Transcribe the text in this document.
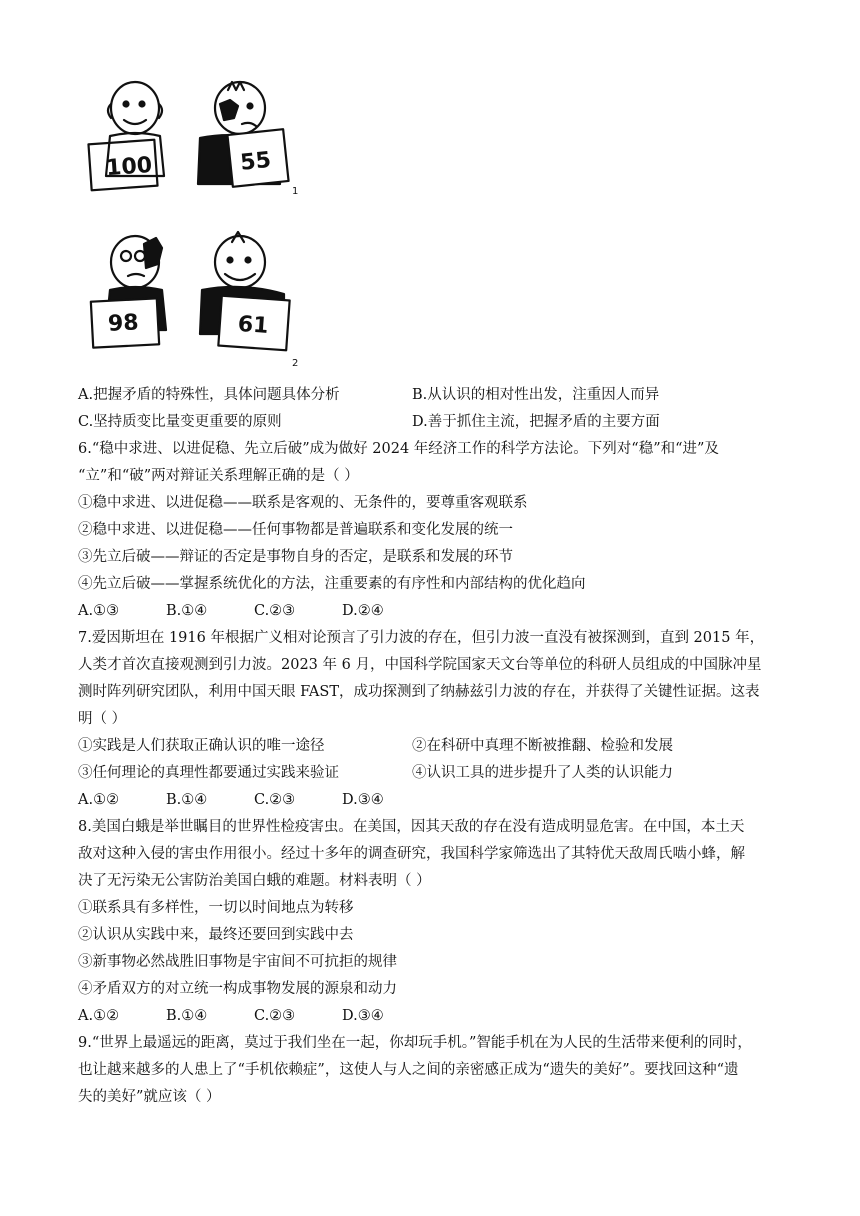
100	55
98	61
1
2
A.把握矛盾的特殊性，具体问题具体分析	B.从认识的相对性出发，注重因人而异
C.坚持质变比量变更重要的原则	D.善于抓住主流，把握矛盾的主要方面
6.“稳中求进、以进促稳、先立后破”成为做好 2024 年经济工作的科学方法论。下列对“稳”和“进”及
“立”和“破”两对辩证关系理解正确的是（ ）
①稳中求进、以进促稳——联系是客观的、无条件的，要尊重客观联系
②稳中求进、以进促稳——任何事物都是普遍联系和变化发展的统一
③先立后破——辩证的否定是事物自身的否定，是联系和发展的环节
④先立后破——掌握系统优化的方法，注重要素的有序性和内部结构的优化趋向
A.①③	B.①④	C.②③	D.②④
7.爱因斯坦在 1916 年根据广义相对论预言了引力波的存在，但引力波一直没有被探测到，直到 2015 年，
人类才首次直接观测到引力波。2023 年 6 月，中国科学院国家天文台等单位的科研人员组成的中国脉冲星
测时阵列研究团队，利用中国天眼 FAST，成功探测到了纳赫兹引力波的存在，并获得了关键性证据。这表
明（ ）
①实践是人们获取正确认识的唯一途径	②在科研中真理不断被推翻、检验和发展
③任何理论的真理性都要通过实践来验证	④认识工具的进步提升了人类的认识能力
A.①②	B.①④	C.②③	D.③④
8.美国白蛾是举世瞩目的世界性检疫害虫。在美国，因其天敌的存在没有造成明显危害。在中国，本土天
敌对这种入侵的害虫作用很小。经过十多年的调查研究，我国科学家筛选出了其特优天敌周氏啮小蜂，解
决了无污染无公害防治美国白蛾的难题。材料表明（ ）
①联系具有多样性，一切以时间地点为转移
②认识从实践中来，最终还要回到实践中去
③新事物必然战胜旧事物是宇宙间不可抗拒的规律
④矛盾双方的对立统一构成事物发展的源泉和动力
A.①②	B.①④	C.②③	D.③④
9.“世界上最遥远的距离，莫过于我们坐在一起，你却玩手机。”智能手机在为人民的生活带来便利的同时，
也让越来越多的人患上了“手机依赖症”，这使人与人之间的亲密感正成为“遗失的美好”。要找回这种“遗
失的美好”就应该（ ）
